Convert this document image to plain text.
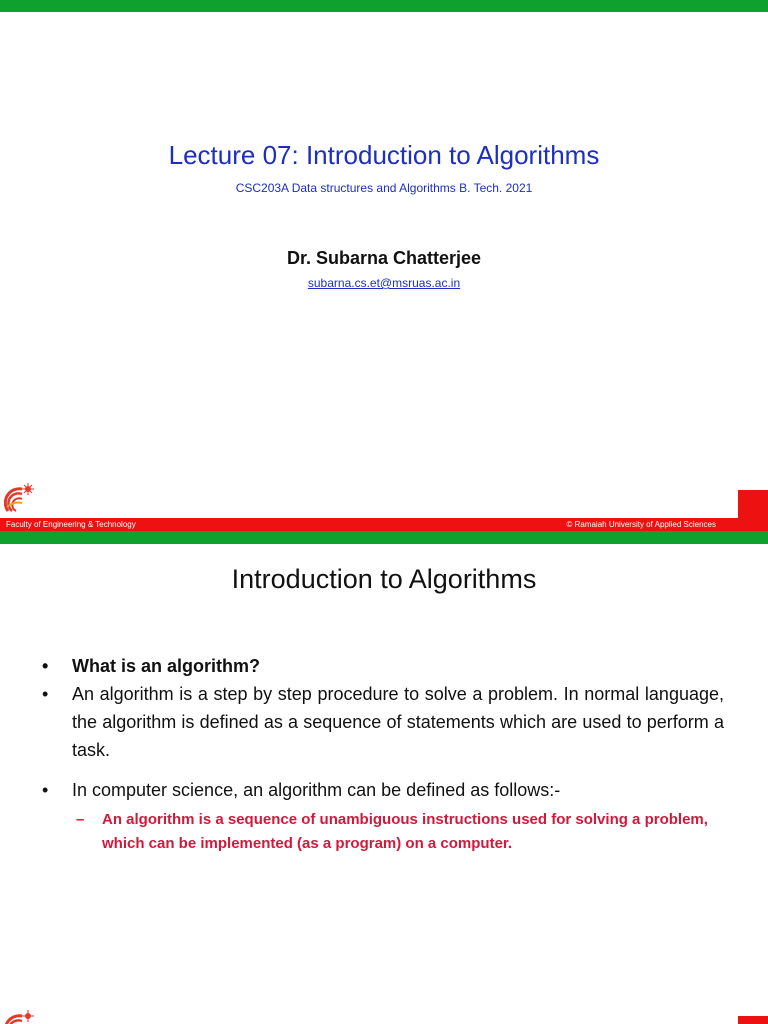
Lecture 07: Introduction to Algorithms
CSC203A Data structures and Algorithms B. Tech. 2021
Dr. Subarna Chatterjee
subarna.cs.et@msruas.ac.in
Faculty of Engineering & Technology	© Ramaiah University of Applied Sciences
Introduction to Algorithms
• What is an algorithm?
• An algorithm is a step by step procedure to solve a problem. In normal language, the algorithm is defined as a sequence of statements which are used to perform a task.
• In computer science, an algorithm can be defined as follows:-
– An algorithm is a sequence of unambiguous instructions used for solving a problem, which can be implemented (as a program) on a computer.
